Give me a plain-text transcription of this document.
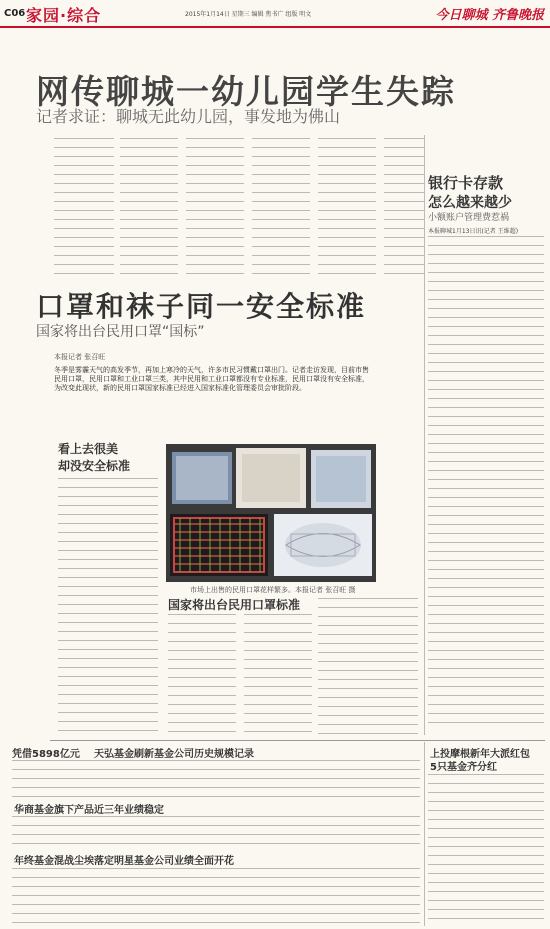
C06 家园·综合	2015年1月14日 星期三 编辑 焦书广 组版 明文	今日聊城 齐鲁晚报
网传聊城一幼儿园学生失踪
记者求证：聊城无此幼儿园，事发地为佛山
银行卡存款
怎么越来越少
小额账户管理费惹祸
本报聊城1月13日讯(记者 王维超)
口罩和袜子同一安全标准
国家将出台民用口罩“国标”
本报记者 张召旺
冬季是雾霾天气的高发季节，再加上寒冷的天气，许多市民习惯戴口罩出门。记者走访发现，目前市售民用口罩，民用口罩和工业口罩三类，其中民用和工业口罩都没有专业标准，民用口罩没有安全标准，为改变此现状，新的民用口罩国家标准已经进入国家标准化管理委员会审批阶段。
看上去很美
却没安全标准
市场上出售的民用口罩花样繁多。本报记者 张召旺 摄
国家将出台民用口罩标准
凭借5898亿元 天弘基金刷新基金公司历史规模记录
华商基金旗下产品近三年业绩稳定
年终基金混战尘埃落定明星基金公司业绩全面开花
上投摩根新年大派红包
5只基金齐分红
